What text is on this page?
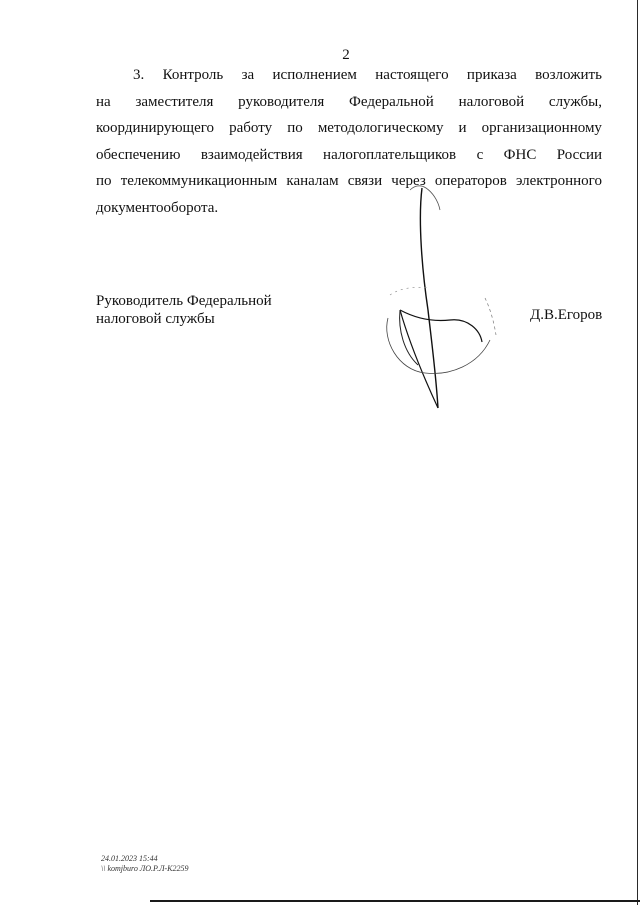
2
3. Контроль за исполнением настоящего приказа возложить
на заместителя руководителя Федеральной налоговой службы,
координирующего работу по методологическому и организационному
обеспечению взаимодействия налогоплательщиков с ФНС России
по телекоммуникационным каналам связи через операторов электронного
документооборота.
Руководитель Федеральной
налоговой службы	Д.В.Егоров
24.01.2023 15:44
\\ komjburo ЛО.Р.Л-К2259
